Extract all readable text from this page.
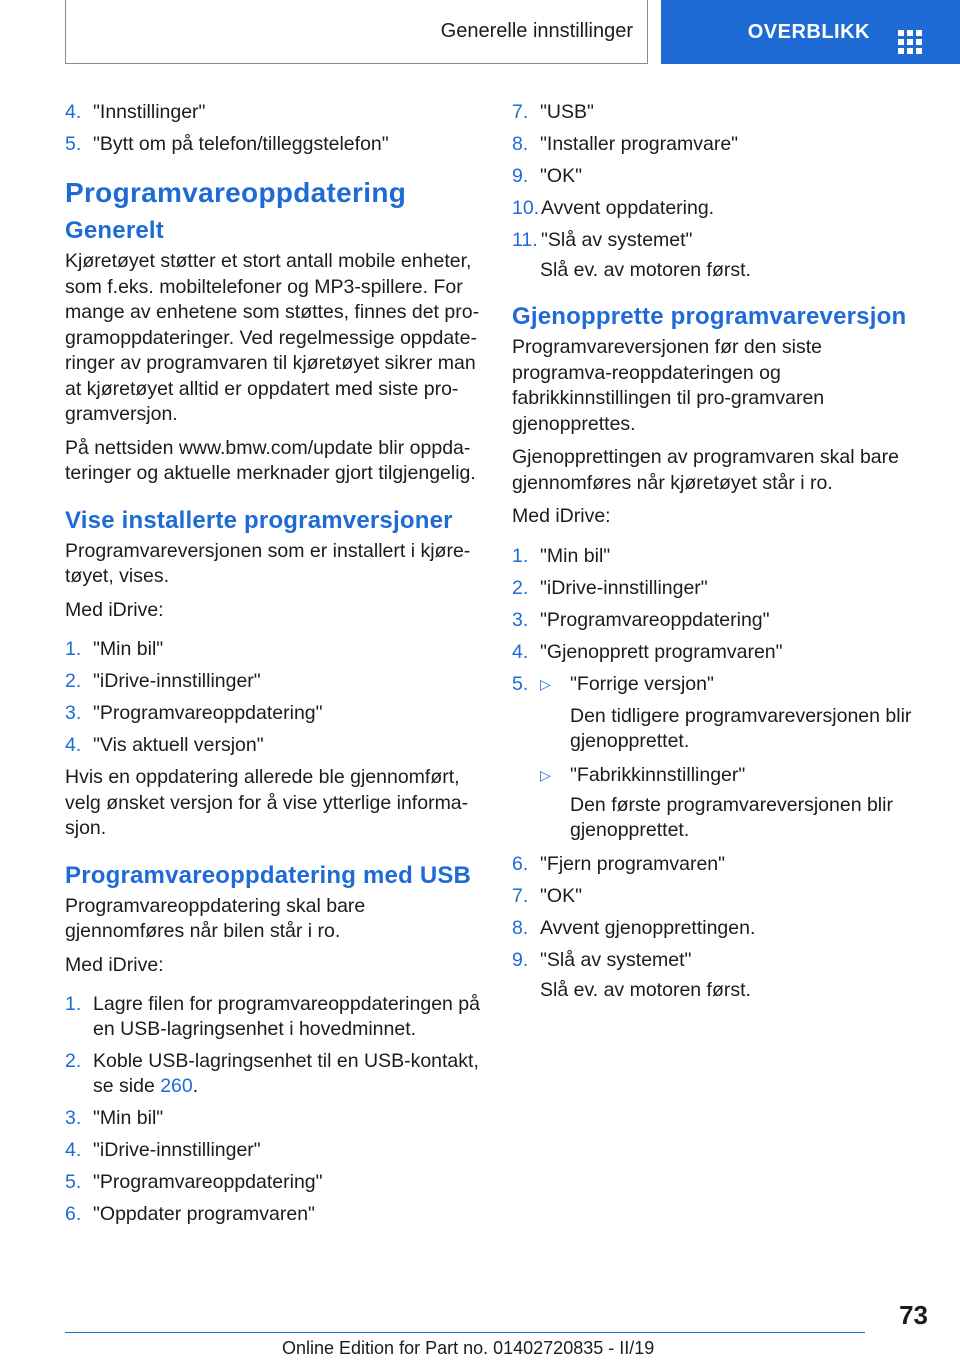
Generelle innstillinger	OVERBLIKK
4. "Innstillinger"
5. "Bytt om på telefon/tilleggstelefon"
Programvareoppdatering
Generelt

Kjøretøyet støtter et stort antall mobile enheter, som f.eks. mobiltelefoner og MP3-spillere. For mange av enhetene som støttes, finnes det pro-gramoppdateringer. Ved regelmessige oppdate-ringer av programvaren til kjøretøyet sikrer man at kjøretøyet alltid er oppdatert med siste pro-gramversjon.

På nettsiden www.bmw.com/update blir oppda-teringer og aktuelle merknader gjort tilgjengelig.

Vise installerte programversjoner

Programvareversjonen som er installert i kjøre-tøyet, vises.

Med iDrive:

1. "Min bil"
2. "iDrive-innstillinger"
3. "Programvareoppdatering"
4. "Vis aktuell versjon"

Hvis en oppdatering allerede ble gjennomført, velg ønsket versjon for å vise ytterlige informa-sjon.

Programvareoppdatering med USB

Programvareoppdatering skal bare gjennomføres når bilen står i ro.

Med iDrive:

1. Lagre filen for programvareoppdateringen på en USB-lagringsenhet i hovedminnet.
2. Koble USB-lagringsenhet til en USB-kontakt, se side 260.
3. "Min bil"
4. "iDrive-innstillinger"
5. "Programvareoppdatering"
6. "Oppdater programvaren"
7. "USB"
8. "Installer programvare"
9. "OK"
10. Avvent oppdatering.
11. "Slå av systemet"
Slå ev. av motoren først.
Gjenopprette programvareversjon

Programvareversjonen før den siste programva-reoppdateringen og fabrikkinnstillingen til pro-gramvaren gjenopprettes.

Gjenopprettingen av programvaren skal bare gjennomføres når kjøretøyet står i ro.

Med iDrive:

1. "Min bil"
2. "iDrive-innstillinger"
3. "Programvareoppdatering"
4. "Gjenopprett programvaren"
5. ▷ "Forrige versjon"
Den tidligere programvareversjonen blir gjenopprettet.
▷ "Fabrikkinnstillinger"
Den første programvareversjonen blir gjenopprettet.
6. "Fjern programvaren"
7. "OK"
8. Avvent gjenopprettingen.
9. "Slå av systemet"
Slå ev. av motoren først.
73
Online Edition for Part no. 01402720835 - II/19
